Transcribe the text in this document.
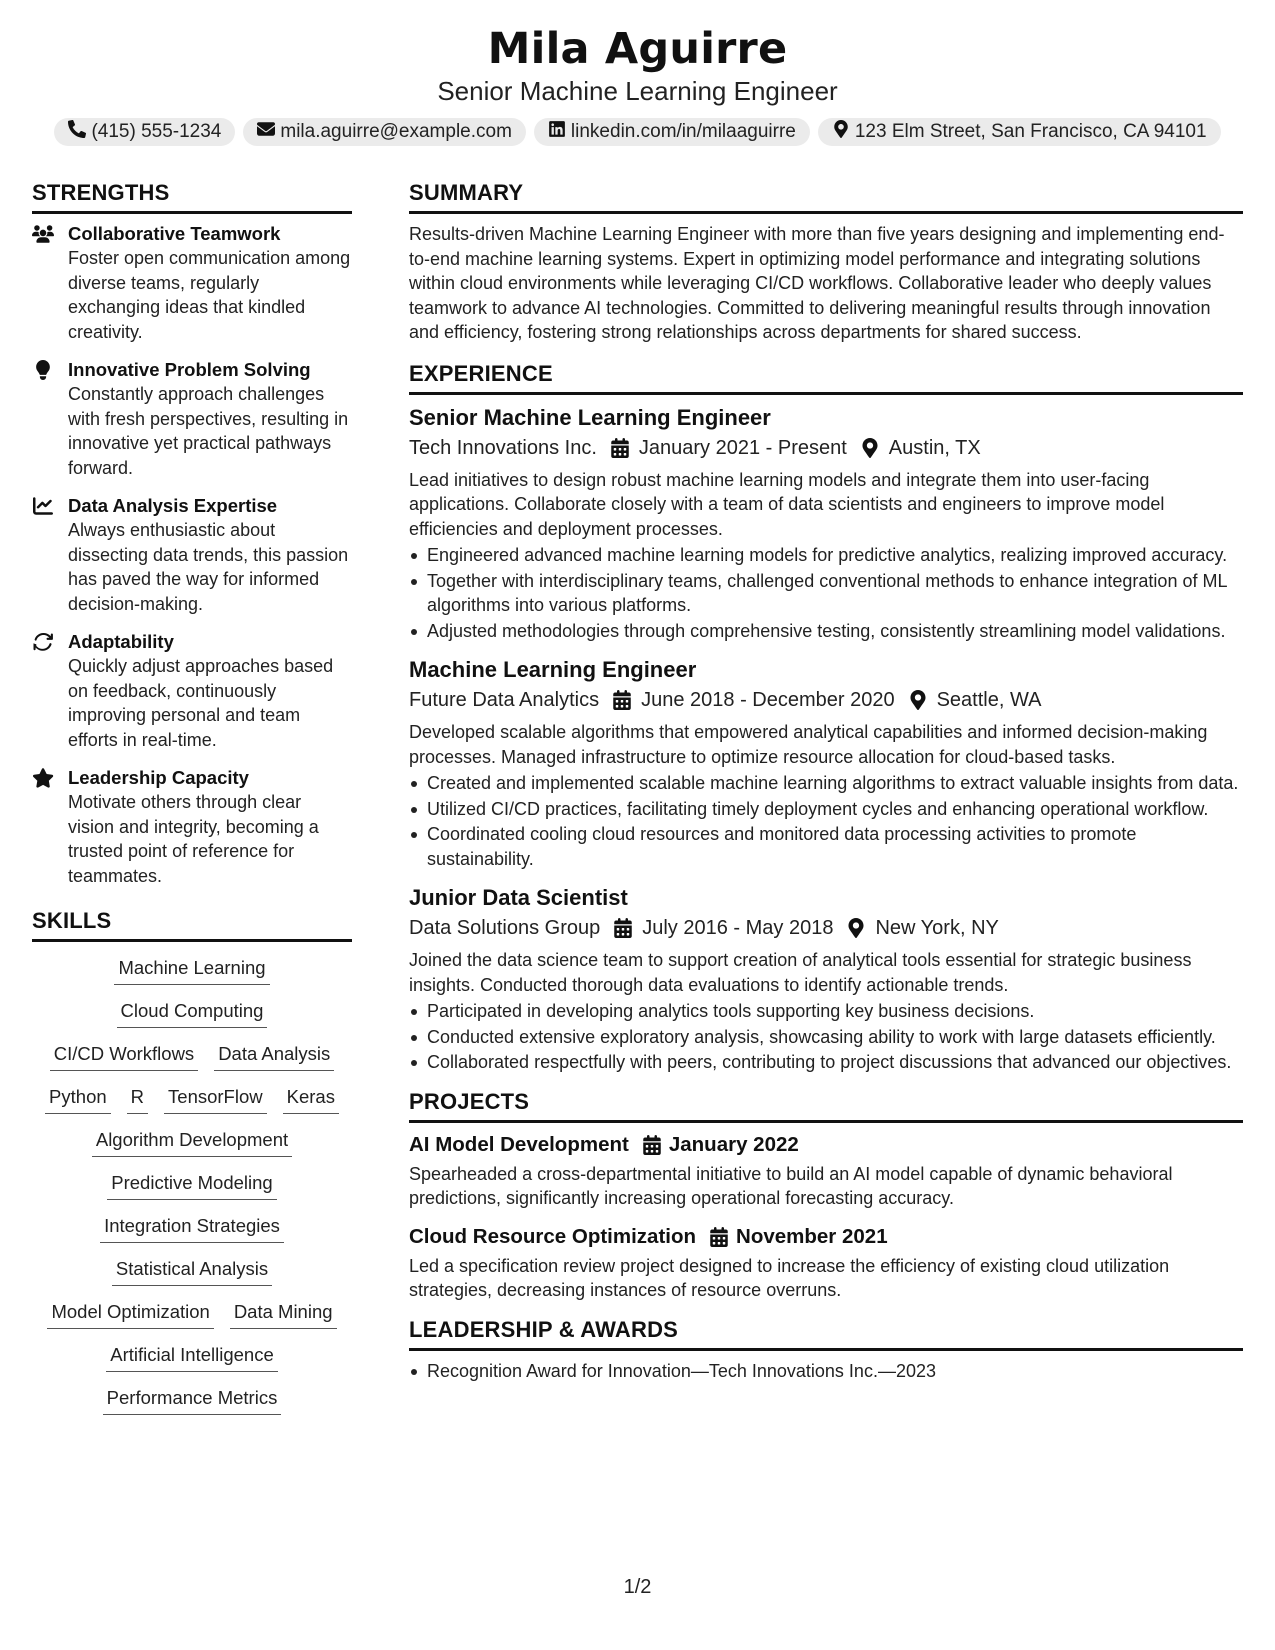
Mila Aguirre
Senior Machine Learning Engineer
(415) 555-1234	mila.aguirre@example.com	linkedin.com/in/milaaguirre	123 Elm Street, San Francisco, CA 94101
STRENGTHS
Collaborative Teamwork
Foster open communication among diverse teams, regularly exchanging ideas that kindled creativity.
Innovative Problem Solving
Constantly approach challenges with fresh perspectives, resulting in innovative yet practical pathways forward.
Data Analysis Expertise
Always enthusiastic about dissecting data trends, this passion has paved the way for informed decision-making.
Adaptability
Quickly adjust approaches based on feedback, continuously improving personal and team efforts in real-time.
Leadership Capacity
Motivate others through clear vision and integrity, becoming a trusted point of reference for teammates.
SKILLS
Machine Learning
Cloud Computing
CI/CD Workflows Data Analysis
Python R TensorFlow Keras
Algorithm Development
Predictive Modeling
Integration Strategies
Statistical Analysis
Model Optimization Data Mining
Artificial Intelligence
Performance Metrics
SUMMARY
Results-driven Machine Learning Engineer with more than five years designing and implementing end-to-end machine learning systems. Expert in optimizing model performance and integrating solutions within cloud environments while leveraging CI/CD workflows. Collaborative leader who deeply values teamwork to advance AI technologies. Committed to delivering meaningful results through innovation and efficiency, fostering strong relationships across departments for shared success.
EXPERIENCE
Senior Machine Learning Engineer
Tech Innovations Inc. January 2021 - Present Austin, TX
Lead initiatives to design robust machine learning models and integrate them into user-facing applications. Collaborate closely with a team of data scientists and engineers to improve model efficiencies and deployment processes.
Engineered advanced machine learning models for predictive analytics, realizing improved accuracy.
Together with interdisciplinary teams, challenged conventional methods to enhance integration of ML algorithms into various platforms.
Adjusted methodologies through comprehensive testing, consistently streamlining model validations.
Machine Learning Engineer
Future Data Analytics June 2018 - December 2020 Seattle, WA
Developed scalable algorithms that empowered analytical capabilities and informed decision-making processes. Managed infrastructure to optimize resource allocation for cloud-based tasks.
Created and implemented scalable machine learning algorithms to extract valuable insights from data.
Utilized CI/CD practices, facilitating timely deployment cycles and enhancing operational workflow.
Coordinated cooling cloud resources and monitored data processing activities to promote sustainability.
Junior Data Scientist
Data Solutions Group July 2016 - May 2018 New York, NY
Joined the data science team to support creation of analytical tools essential for strategic business insights. Conducted thorough data evaluations to identify actionable trends.
Participated in developing analytics tools supporting key business decisions.
Conducted extensive exploratory analysis, showcasing ability to work with large datasets efficiently.
Collaborated respectfully with peers, contributing to project discussions that advanced our objectives.
PROJECTS
AI Model Development January 2022
Spearheaded a cross-departmental initiative to build an AI model capable of dynamic behavioral predictions, significantly increasing operational forecasting accuracy.
Cloud Resource Optimization November 2021
Led a specification review project designed to increase the efficiency of existing cloud utilization strategies, decreasing instances of resource overruns.
LEADERSHIP & AWARDS
Recognition Award for Innovation—Tech Innovations Inc.—2023
1/2
